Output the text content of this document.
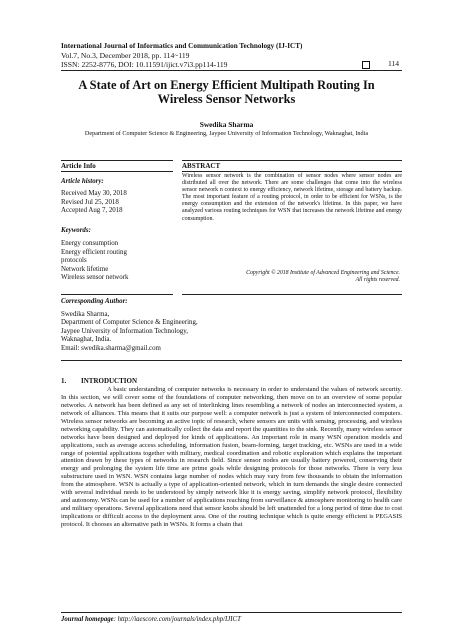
International Journal of Informatics and Communication Technology (IJ-ICT)
Vol.7, No.3, December 2018, pp. 114~119
ISSN: 2252-8776, DOI: 10.11591/ijict.v7i3.pp114-119	114
A State of Art on Energy Efficient Multipath Routing In Wireless Sensor Networks
Swedika Sharma
Department of Computer Science & Engineering, Jaypee University of Information Technology, Waknaghat, India
Article Info	ABSTRACT
Article history:
Received May 30, 2018
Revised Jul 25, 2018
Accepted Aug 7, 2018
Keywords:
Energy consumption
Energy efficient routing
protocols
Network lifetime
Wireless sensor network
Wireless sensor network is the combination of sensor nodes where sensor nodes are distributed all over the network. There are some challenges that come into the wireless sensor network n context to energy efficiency, network lifetime, storage and battery backup. The most important feature of a routing protocol, in order to be efficient for WSNs, is the energy consumption and the extension of the network's lifetime. In this paper, we have analyzed various routing techniques for WSN that increases the network lifetime and energy consumption.
Copyright © 2018 Institute of Advanced Engineering and Science.
All rights reserved.
Corresponding Author:
Swedika Sharma,
Department of Computer Science & Engineering,
Jaypee University of Information Technology,
Waknaghat, India.
Email: swedika.sharma@gmail.com
1. INTRODUCTION
A basic understanding of computer networks is necessary in order to understand the values of network security. In this section, we will cover some of the foundations of computer networking, then move on to an overview of some popular networks. A network has been defined as any set of interlinking lines resembling a network of nodes an interconnected system, a network of alliances. This means that it suits our purpose well: a computer network is just a system of interconnected computers. Wireless sensor networks are becoming an active topic of research, where sensors are units with sensing, processing, and wireless networking capability. They can automatically collect the data and report the quantities to the sink. Recently, many wireless sensor networks have been designed and deployed for kinds of applications. An important role in many WSN operation models and applications, such as average access scheduling, information fusion, beam-forming, target tracking, etc. WSNs are used in a wide range of potential applications together with military, medical coordination and robotic exploration which explains the important attention drawn by these types of networks in research field. Since sensor nodes are usually battery powered, conserving their energy and prolonging the system life time are prime goals while designing protocols for those networks. There is very less substructure used in WSN. WSN contains large number of nodes which may vary from few thousands to obtain the information from the atmosphere. WSN is actually a type of application-oriented network, which in turn demands the single desire connected with several individual needs to be understood by simply network like it is energy saving, simplify network protocol, flexibility and autonomy. WSNs can be used for a number of applications reaching from surveillance & atmosphere monitoring to health care and military operations. Several applications need that sensor knobs should be left unattended for a long period of time due to cost implications or difficult access to the deployment area. One of the routing technique which is quite energy efficient is PEGASIS protocol. It chooses an alternative path in WSNs. It forms a chain that
Journal homepage: http://iaescore.com/journals/index.php/IJICT
